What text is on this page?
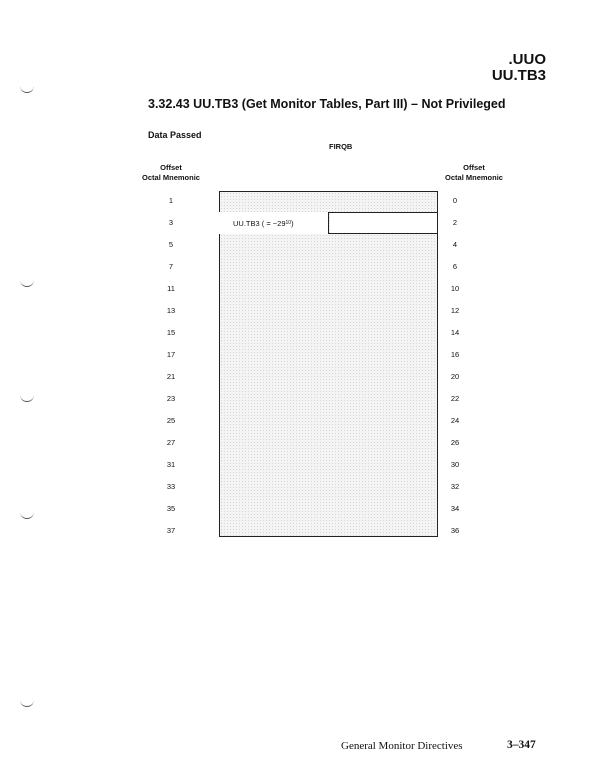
.UUO
UU.TB3
3.32.43 UU.TB3 (Get Monitor Tables, Part III) – Not Privileged
Data Passed
FIRQB
Offset
Octal Mnemonic
Offset
Octal Mnemonic
UU.TB3 ( = −29 10 )
1
3
5
7
11
13
15
17
21
23
25
27
31
33
35
37
0
2
4
6
10
12
14
16
20
22
24
26
30
32
34
36
General Monitor Directives	3–347
